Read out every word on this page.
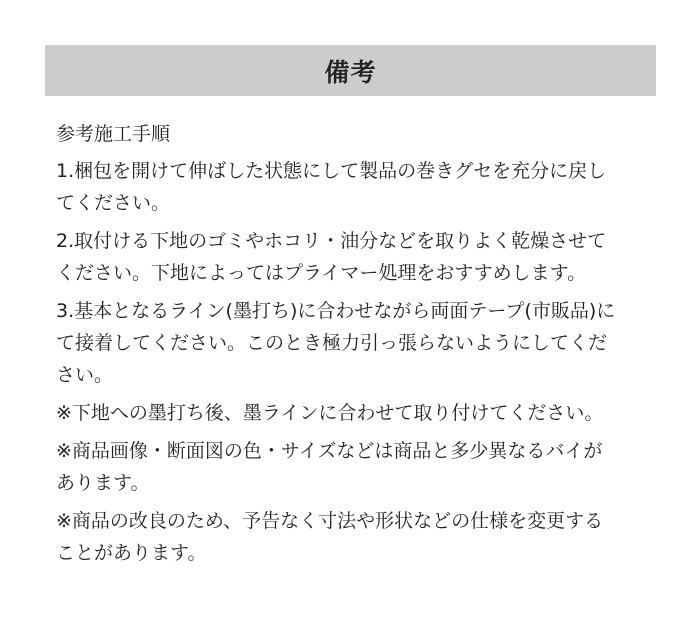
備考
参考施工手順
1.梱包を開けて伸ばした状態にして製品の巻きグセを充分に戻し
てください。
2.取付ける下地のゴミやホコリ・油分などを取りよく乾燥させて
ください。下地によってはプライマー処理をおすすめします。
3.基本となるライン(墨打ち)に合わせながら両面テープ(市販品)に
て接着してください。このとき極力引っ張らないようにしてくだ
さい。
※下地への墨打ち後、墨ラインに合わせて取り付けてください。
※商品画像・断面図の色・サイズなどは商品と多少異なるバイが
あります。
※商品の改良のため、予告なく寸法や形状などの仕様を変更する
ことがあります。
